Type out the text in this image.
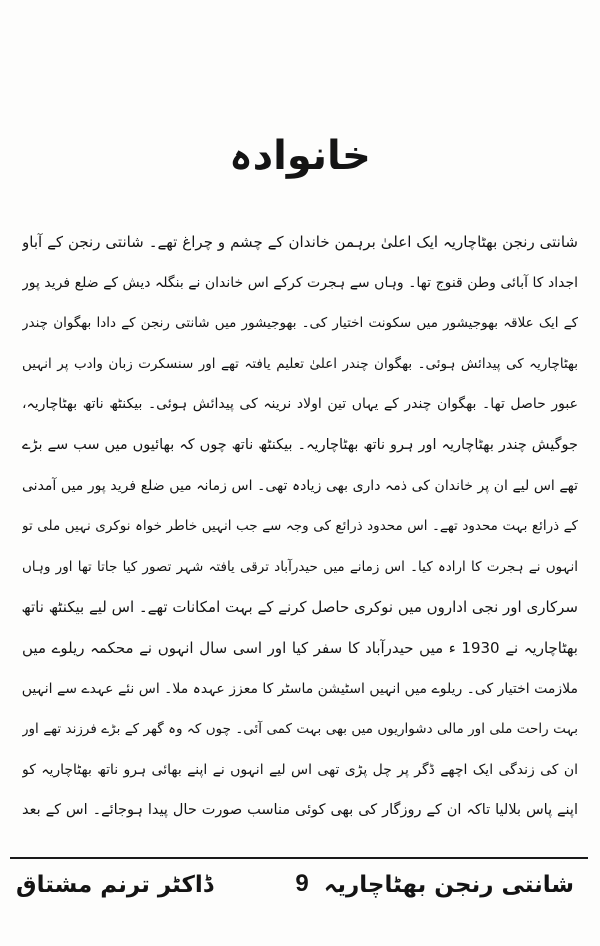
خانوادہ
شانتی رنجن بھٹاچاریہ ایک اعلیٰ برہمن خاندان کے چشم و چراغ تھے۔ شانتی رنجن کے آباو
اجداد کا آبائی وطن قنوج تھا۔ وہاں سے ہجرت کرکے اس خاندان نے بنگلہ دیش کے ضلع فرید پور
کے ایک علاقہ بھوجیشور میں سکونت اختیار کی۔ بھوجیشور میں شانتی رنجن کے دادا بھگوان چندر
بھٹاچاریہ کی پیدائش ہوئی۔ بھگوان چندر اعلیٰ تعلیم یافتہ تھے اور سنسکرت زبان وادب پر انہیں
عبور حاصل تھا۔ بھگوان چندر کے یہاں تین اولاد نرینہ کی پیدائش ہوئی۔ بیکنٹھ ناتھ بھٹاچاریہ،
جوگیش چندر بھٹاچاریہ اور ہرو ناتھ بھٹاچاریہ۔ بیکنٹھ ناتھ چوں کہ بھائیوں میں سب سے بڑے
تھے اس لیے ان پر خاندان کی ذمہ داری بھی زیادہ تھی۔ اس زمانہ میں ضلع فرید پور میں آمدنی
کے ذرائع بہت محدود تھے۔ اس محدود ذرائع کی وجہ سے جب انہیں خاطر خواہ نوکری نہیں ملی تو
انہوں نے ہجرت کا ارادہ کیا۔ اس زمانے میں حیدرآباد ترقی یافتہ شہر تصور کیا جاتا تھا اور وہاں
سرکاری اور نجی اداروں میں نوکری حاصل کرنے کے بہت امکانات تھے۔ اس لیے بیکنٹھ ناتھ
بھٹاچاریہ نے 1930 ء میں حیدرآباد کا سفر کیا اور اسی سال انہوں نے محکمہ ریلوے میں
ملازمت اختیار کی۔ ریلوے میں انہیں اسٹیشن ماسٹر کا معزز عہدہ ملا۔ اس نئے عہدے سے انہیں
بہت راحت ملی اور مالی دشواریوں میں بھی بہت کمی آئی۔ چوں کہ وہ گھر کے بڑے فرزند تھے اور
ان کی زندگی ایک اچھے ڈگر پر چل پڑی تھی اس لیے انہوں نے اپنے بھائی ہرو ناتھ بھٹاچاریہ کو
اپنے پاس بلالیا تاکہ ان کے روزگار کی بھی کوئی مناسب صورت حال پیدا ہوجائے۔ اس کے بعد
شانتی رنجن بھٹاچاریہ
9
ڈاکٹر ترنم مشتاق
